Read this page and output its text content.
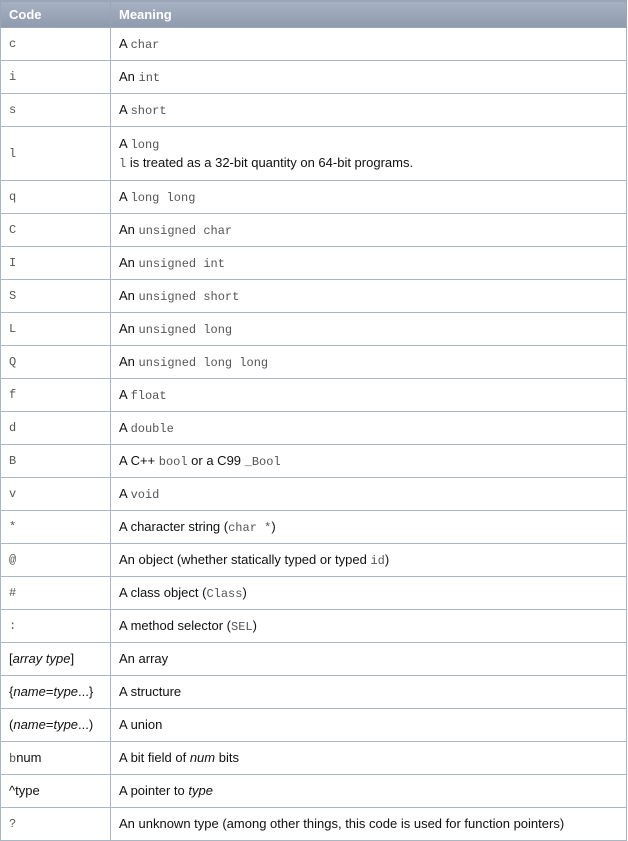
Code	Meaning
c	A char
i	An int
s	A short
l	A long
l is treated as a 32-bit quantity on 64-bit programs.
q	A long long
C	An unsigned char
I	An unsigned int
S	An unsigned short
L	An unsigned long
Q	An unsigned long long
f	A float
d	A double
B	A C++ bool or a C99 _Bool
v	A void
*	A character string (char *)
@	An object (whether statically typed or typed id)
#	A class object (Class)
:	A method selector (SEL)
[array type]	An array
{name=type...}	A structure
(name=type...)	A union
bnum	A bit field of num bits
^type	A pointer to type
?	An unknown type (among other things, this code is used for function pointers)
